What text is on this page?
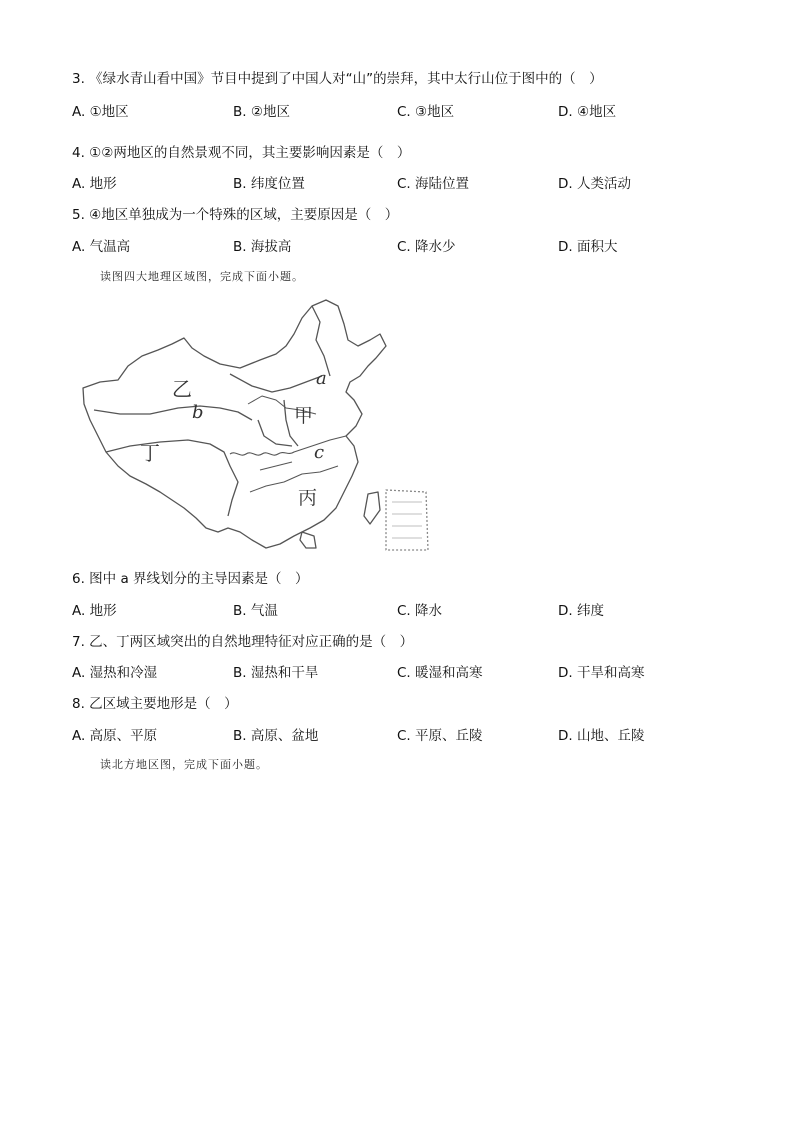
3. 《绿水青山看中国》节目中提到了中国人对“山”的崇拜，其中太行山位于图中的（　）
A. ①地区	B. ②地区	C. ③地区	D. ④地区
4. ①②两地区的自然景观不同，其主要影响因素是（　）
A. 地形	B. 纬度位置	C. 海陆位置	D. 人类活动
5. ④地区单独成为一个特殊的区域，主要原因是（　）
A. 气温高	B. 海拔高	C. 降水少	D. 面积大
读图四大地理区域图，完成下面小题。
乙
b
丁
a
甲
c
丙
6. 图中 a 界线划分的主导因素是（　）
A. 地形	B. 气温	C. 降水	D. 纬度
7. 乙、丁两区域突出的自然地理特征对应正确的是（　）
A. 湿热和冷湿	B. 湿热和干旱	C. 暖湿和高寒	D. 干旱和高寒
8. 乙区域主要地形是（　）
A. 高原、平原	B. 高原、盆地	C. 平原、丘陵	D. 山地、丘陵
读北方地区图，完成下面小题。
